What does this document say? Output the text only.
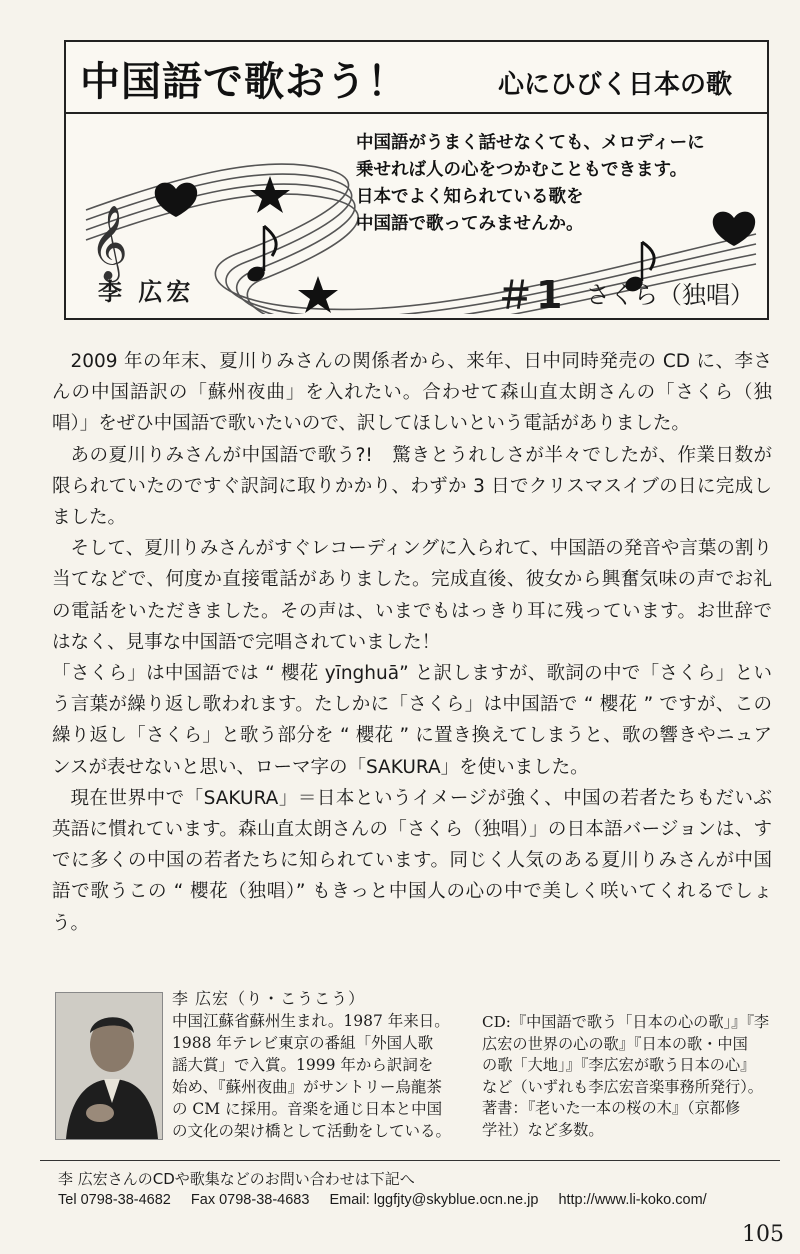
中国語で歌おう！	心にひびく日本の歌
𝄞
中国語がうまく話せなくても、メロディーに
乗せれば人の心をつかむこともできます。
日本でよく知られている歌を
中国語で歌ってみませんか。
李 広宏	＃1 さくら（独唱）

2009 年の年末、夏川りみさんの関係者から、来年、日中同時発売の CD に、李さんの中国語訳の「蘇州夜曲」を入れたい。合わせて森山直太朗さんの「さくら（独唱）」をぜひ中国語で歌いたいので、訳してほしいという電話がありました。

あの夏川りみさんが中国語で歌う?!　驚きとうれしさが半々でしたが、作業日数が限られていたのですぐ訳詞に取りかかり、わずか 3 日でクリスマスイブの日に完成しました。

そして、夏川りみさんがすぐレコーディングに入られて、中国語の発音や言葉の割り当てなどで、何度か直接電話がありました。完成直後、彼女から興奮気味の声でお礼の電話をいただきました。その声は、いまでもはっきり耳に残っています。お世辞ではなく、見事な中国語で完唱されていました！

「さくら」は中国語では “ 櫻花 yīnghuā” と訳しますが、歌詞の中で「さくら」という言葉が繰り返し歌われます。たしかに「さくら」は中国語で “ 櫻花 ” ですが、この繰り返し「さくら」と歌う部分を “ 櫻花 ” に置き換えてしまうと、歌の響きやニュアンスが表せないと思い、ローマ字の「SAKURA」を使いました。

現在世界中で「SAKURA」＝日本というイメージが強く、中国の若者たちもだいぶ英語に慣れています。森山直太朗さんの「さくら（独唱）」の日本語バージョンは、すでに多くの中国の若者たちに知られています。同じく人気のある夏川りみさんが中国語で歌うこの “ 櫻花（独唱）” もきっと中国人の心の中で美しく咲いてくれるでしょう。

李 広宏（り・こうこう）
中国江蘇省蘇州生まれ。1987 年来日。
1988 年テレビ東京の番組「外国人歌
謡大賞」で入賞。1999 年から訳詞を
始め、『蘇州夜曲』がサントリー烏龍茶
の CM に採用。音楽を通じ日本と中国
の文化の架け橋として活動をしている。
CD:『中国語で歌う「日本の心の歌」』『李
広宏の世界の心の歌』『日本の歌・中国
の歌「大地」』『李広宏が歌う日本の心』
など（いずれも李広宏音楽事務所発行）。
著書：『老いた一本の桜の木』（京都修
学社）など多数。
李 広宏さんのCDや歌集などのお問い合わせは下記へ
Tel 0798-38-4682 Fax 0798-38-4683 Email: lggfjty@skyblue.ocn.ne.jp http://www.li-koko.com/
105
